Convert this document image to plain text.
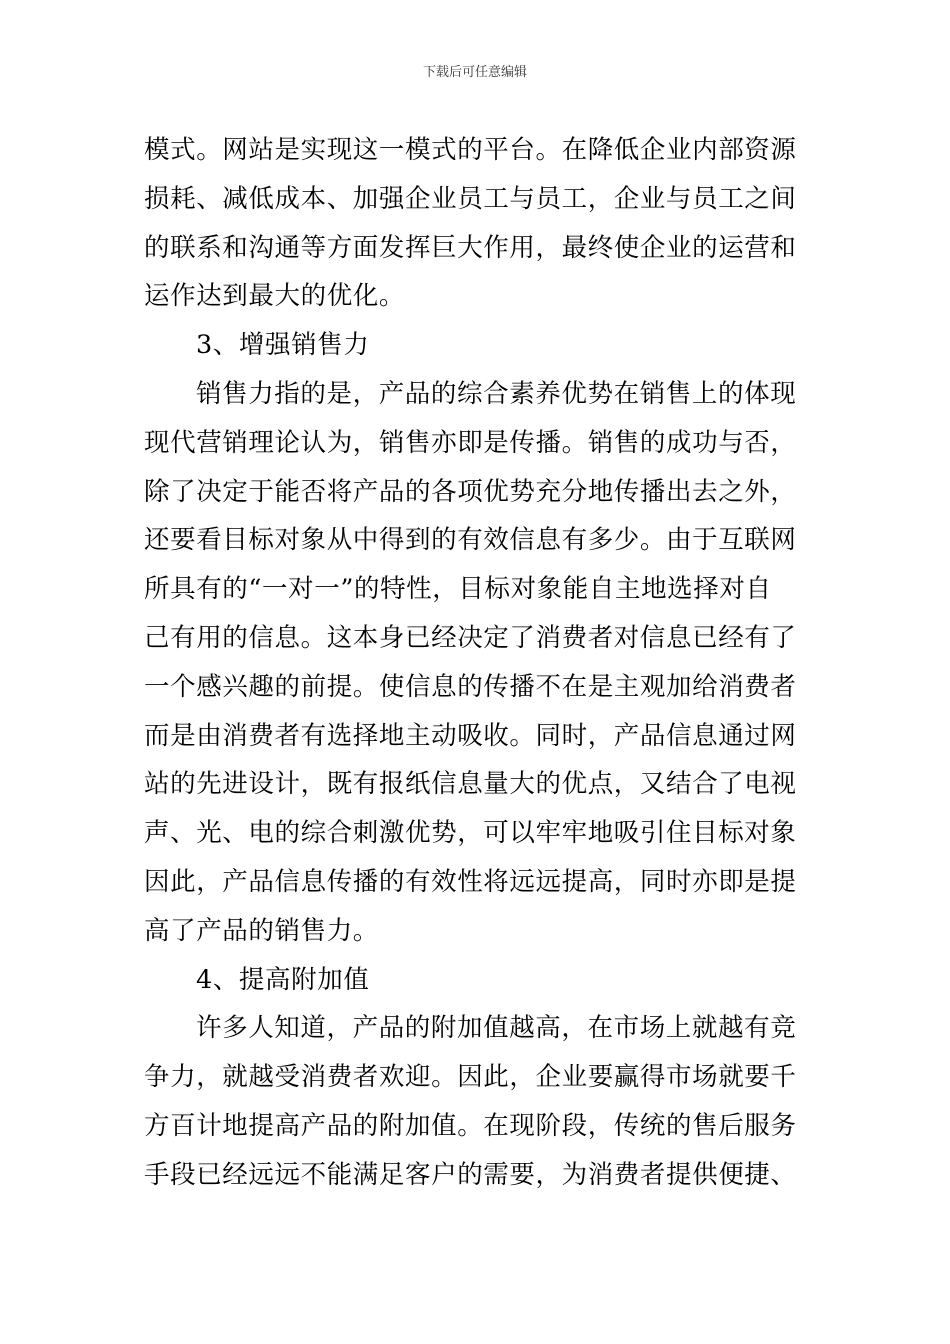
下载后可任意编辑
模式。网站是实现这一模式的平台。在降低企业内部资源
损耗、减低成本、加强企业员工与员工，企业与员工之间
的联系和沟通等方面发挥巨大作用，最终使企业的运营和
运作达到最大的优化。
3、增强销售力
销售力指的是，产品的综合素养优势在销售上的体现
现代营销理论认为，销售亦即是传播。销售的成功与否，
除了决定于能否将产品的各项优势充分地传播出去之外，
还要看目标对象从中得到的有效信息有多少。由于互联网
所具有的“一对一”的特性，目标对象能自主地选择对自
己有用的信息。这本身已经决定了消费者对信息已经有了
一个感兴趣的前提。使信息的传播不在是主观加给消费者
而是由消费者有选择地主动吸收。同时，产品信息通过网
站的先进设计，既有报纸信息量大的优点，又结合了电视
声、光、电的综合刺激优势，可以牢牢地吸引住目标对象
因此，产品信息传播的有效性将远远提高，同时亦即是提
高了产品的销售力。
4、提高附加值
许多人知道，产品的附加值越高，在市场上就越有竞
争力，就越受消费者欢迎。因此，企业要赢得市场就要千
方百计地提高产品的附加值。在现阶段，传统的售后服务
手段已经远远不能满足客户的需要，为消费者提供便捷、
